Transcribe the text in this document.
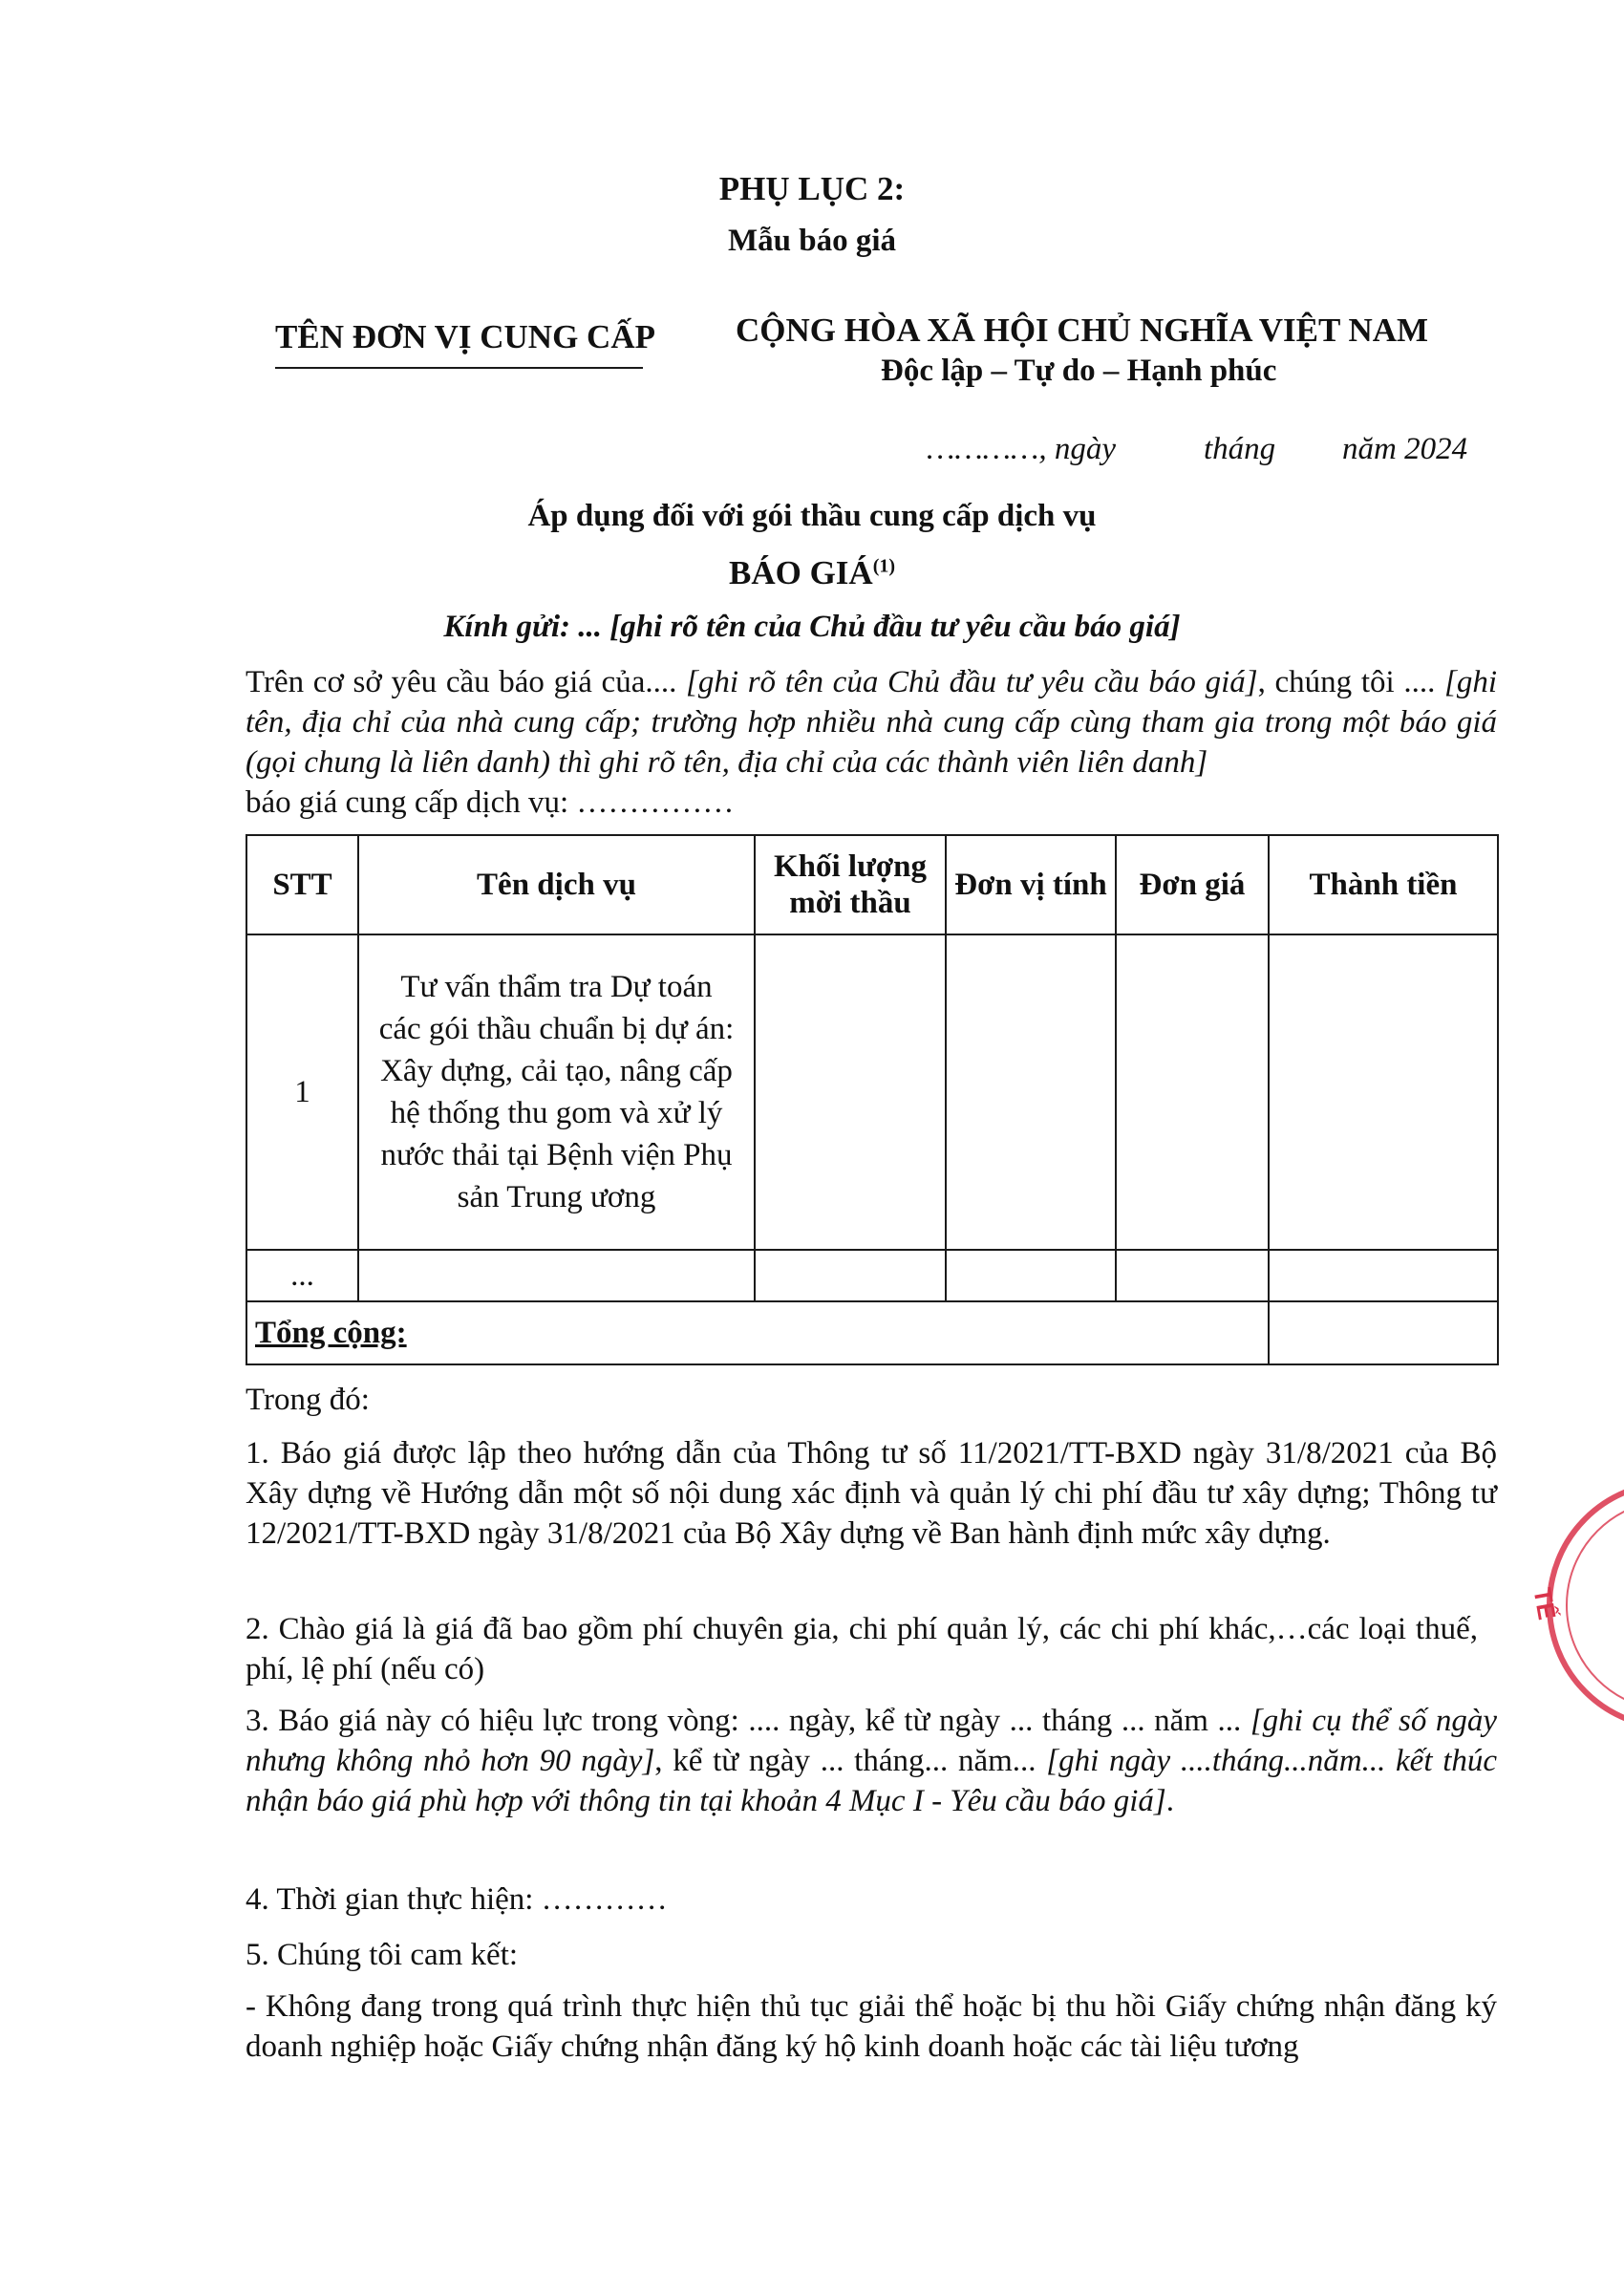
PHỤ LỤC 2:
Mẫu báo giá
TÊN ĐƠN VỊ CUNG CẤP CỘNG HÒA XÃ HỘI CHỦ NGHĨA VIỆT NAM
Độc lập – Tự do – Hạnh phúc
…………, ngày	tháng năm 2024
Áp dụng đối với gói thầu cung cấp dịch vụ
BÁO GIÁ$^{(1)}$
Kính gửi: ... [ghi rõ tên của Chủ đầu tư yêu cầu báo giá]

Trên cơ sở yêu cầu báo giá của.... [ghi rõ tên của Chủ đầu tư yêu cầu báo giá], chúng tôi .... [ghi tên, địa chỉ của nhà cung cấp; trường hợp nhiều nhà cung cấp cùng tham gia trong một báo giá (gọi chung là liên danh) thì ghi rõ tên, địa chỉ của các thành viên liên danh]

báo giá cung cấp dịch vụ: ……………

STT	Tên dịch vụ	Khối lượng mời thầu	Đơn vị tính	Đơn giá	Thành tiền
1	Tư vấn thẩm tra Dự toán các gói thầu chuẩn bị dự án: Xây dựng, cải tạo, nâng cấp hệ thống thu gom và xử lý nước thải tại Bệnh viện Phụ sản Trung ương				
...					
Tổng cộng:					
Trong đó:
1. Báo giá được lập theo hướng dẫn của Thông tư số 11/2021/TT-BXD ngày 31/8/2021 của Bộ Xây dựng về Hướng dẫn một số nội dung xác định và quản lý chi phí đầu tư xây dựng; Thông tư 12/2021/TT-BXD ngày 31/8/2021 của Bộ Xây dựng về Ban hành định mức xây dựng.
2. Chào giá là giá đã bao gồm phí chuyên gia, chi phí quản lý, các chi phí khác,…các loại thuế, phí, lệ phí (nếu có)
3. Báo giá này có hiệu lực trong vòng: .... ngày, kể từ ngày ... tháng ... năm ... [ghi cụ thể số ngày nhưng không nhỏ hơn 90 ngày], kể từ ngày ... tháng... năm... [ghi ngày ....tháng...năm... kết thúc nhận báo giá phù hợp với thông tin tại khoản 4 Mục I - Yêu cầu báo giá].
4. Thời gian thực hiện: …………
5. Chúng tôi cam kết:
- Không đang trong quá trình thực hiện thủ tục giải thể hoặc bị thu hồi Giấy chứng nhận đăng ký doanh nghiệp hoặc Giấy chứng nhận đăng ký hộ kinh doanh hoặc các tài liệu tương
TẾ
